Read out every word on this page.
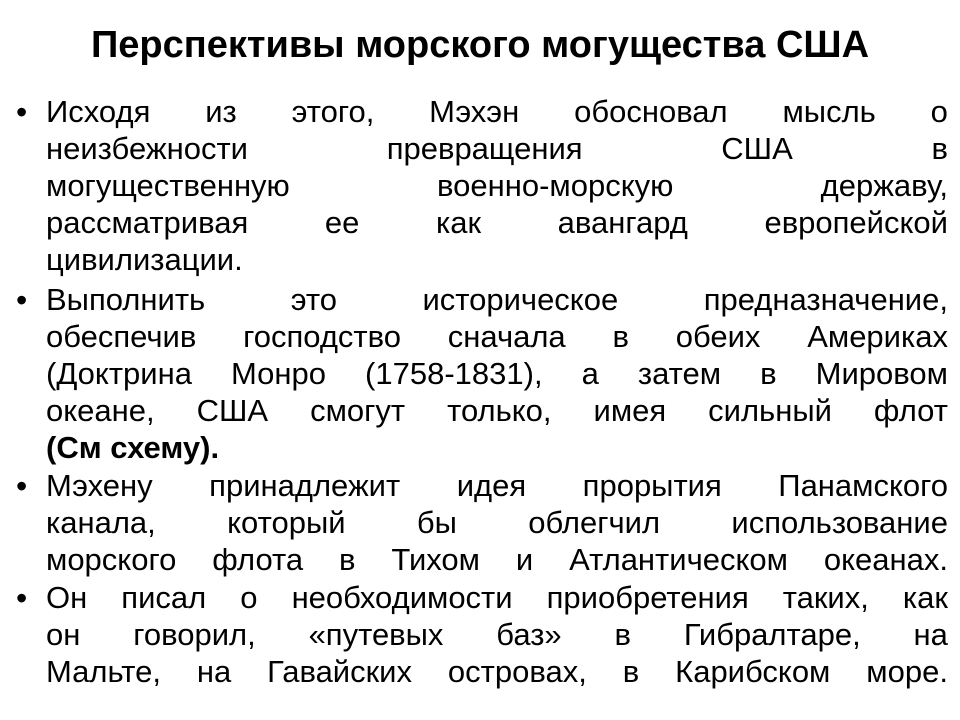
Перспективы морского могущества США
• Исходя из этого, Мэхэн обосновал мысль о
неизбежности	превращения	США	в
могущественную	военно-морскую	державу,
рассматривая ее как авангард европейской
цивилизации.
• Выполнить	это	историческое	предназначение,
обеспечив господство сначала в обеих Америках
(Доктрина Монро (1758-1831), а затем в Мировом
океане, США смогут только, имея сильный флот
(См схему).
• Мэхену принадлежит идея прорытия Панамского
канала, который бы облегчил использование
морского флота в Тихом и Атлантическом океанах.
• Он писал о необходимости приобретения таких, как
он говорил, «путевых баз» в Гибралтаре, на
Мальте, на Гавайских островах, в Карибском море.
